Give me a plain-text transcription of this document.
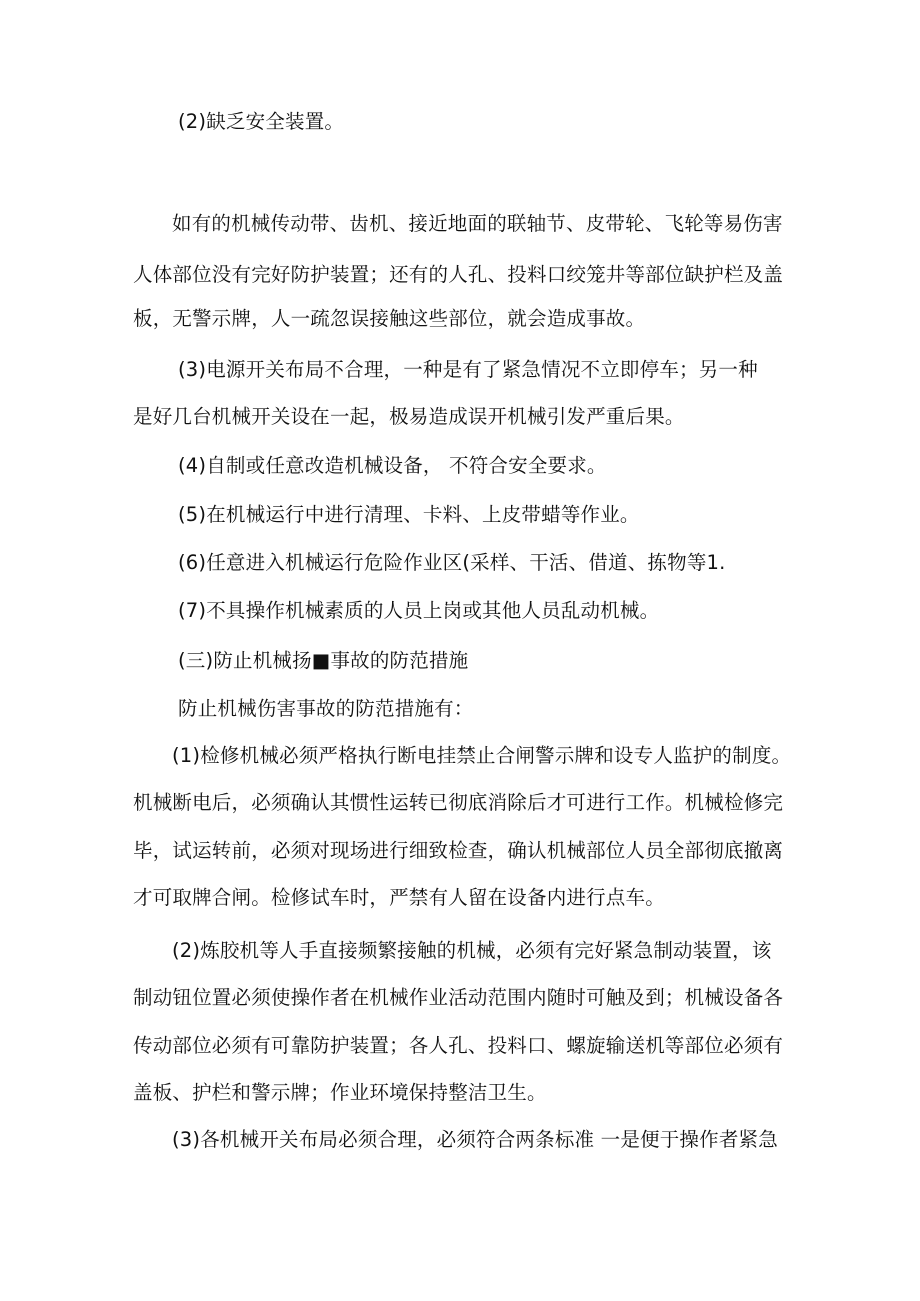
(2)缺乏安全装置。
如有的机械传动带、齿机、接近地面的联轴节、皮带轮、飞轮等易伤害
人体部位没有完好防护装置；还有的人孔、投料口绞笼井等部位缺护栏及盖
板，无警示牌，人一疏忽误接触这些部位，就会造成事故。
(3)电源开关布局不合理，一种是有了紧急情况不立即停车；另一种
是好几台机械开关设在一起，极易造成误开机械引发严重后果。
(4)自制或任意改造机械设备， 不符合安全要求。
(5)在机械运行中进行清理、卡料、上皮带蜡等作业。
(6)任意进入机械运行危险作业区(采样、干活、借道、拣物等1.
(7)不具操作机械素质的人员上岗或其他人员乱动机械。
(三)防止机械扬■事故的防范措施
防止机械伤害事故的防范措施有：
(1)检修机械必须严格执行断电挂禁止合闸警示牌和设专人监护的制度。
机械断电后，必须确认其惯性运转已彻底消除后才可进行工作。机械检修完
毕，试运转前，必须对现场进行细致检查，确认机械部位人员全部彻底撤离
才可取牌合闸。检修试车时，严禁有人留在设备内进行点车。
(2)炼胶机等人手直接频繁接触的机械，必须有完好紧急制动装置，该
制动钮位置必须使操作者在机械作业活动范围内随时可触及到；机械设备各
传动部位必须有可靠防护装置；各人孔、投料口、螺旋输送机等部位必须有
盖板、护栏和警示牌；作业环境保持整洁卫生。
(3)各机械开关布局必须合理，必须符合两条标准 一是便于操作者紧急
